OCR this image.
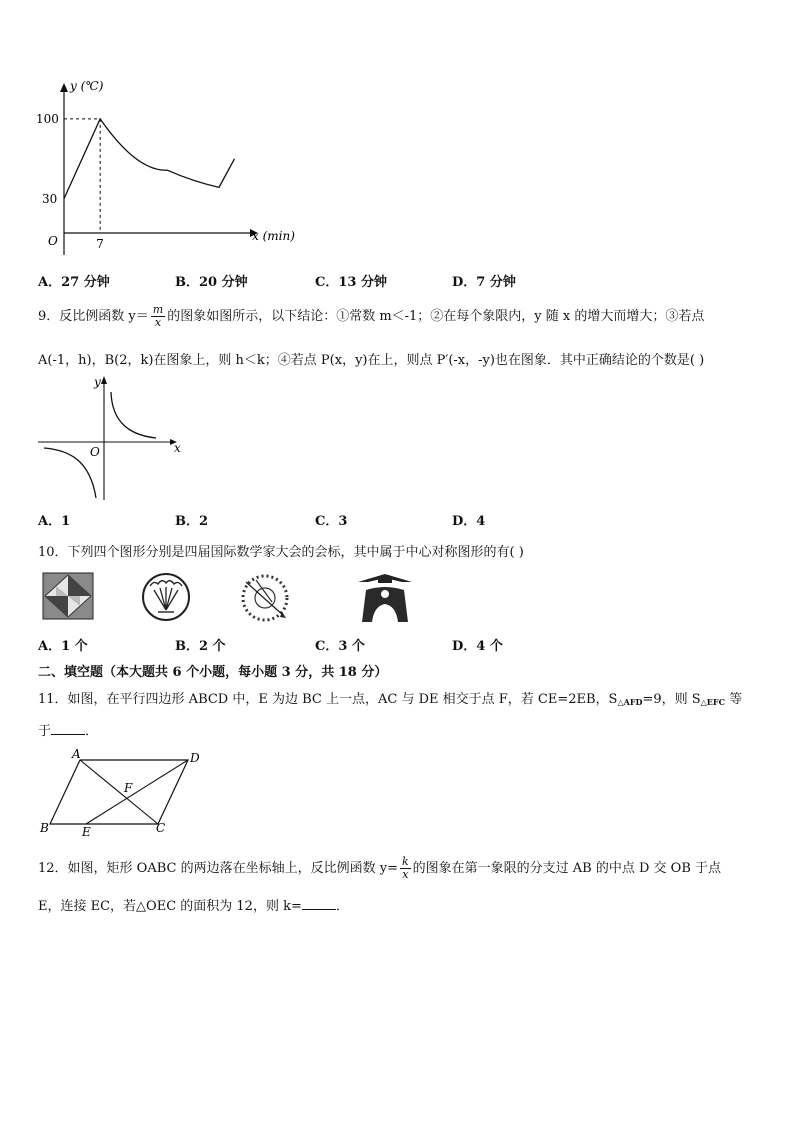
y (℃)
x (min)
O
30
100
7
A．27 分钟	B．20 分钟	C．13 分钟	D．7 分钟
9．反比例函数 $y= \frac{m}{x}$ 的图象如图所示，以下结论：①常数 m＜-1；②在每个象限内，y 随 x 的增大而增大；③若点
A(-1，h)，B(2，k)在图象上，则 h＜k；④若点 P(x，y)在上，则点 P′(-x，-y)也在图象．其中正确结论的个数是( )
y
x
O
A．1	B．2	C．3	D．4
10．下列四个图形分别是四届国际数学家大会的会标，其中属于中心对称图形的有( )
A．1 个	B．2 个	C．3 个	D．4 个
二、填空题（本大题共 6 个小题，每小题 3 分，共 18 分）
11．如图，在平行四边形 ABCD 中，E 为边 BC 上一点，AC 与 DE 相交于点 F，若 CE=2EB，$S_{\triangle AFD}=9$，则 $S_{\triangle EFC}$ 等
于	．
A	D
F
B	E	C
12．如图，矩形 OABC 的两边落在坐标轴上，反比例函数 $y= \frac{k}{x}$ 的图象在第一象限的分支过 AB 的中点 D 交 OB 于点
E，连接 EC，若△OEC 的面积为 12，则 k=	．
